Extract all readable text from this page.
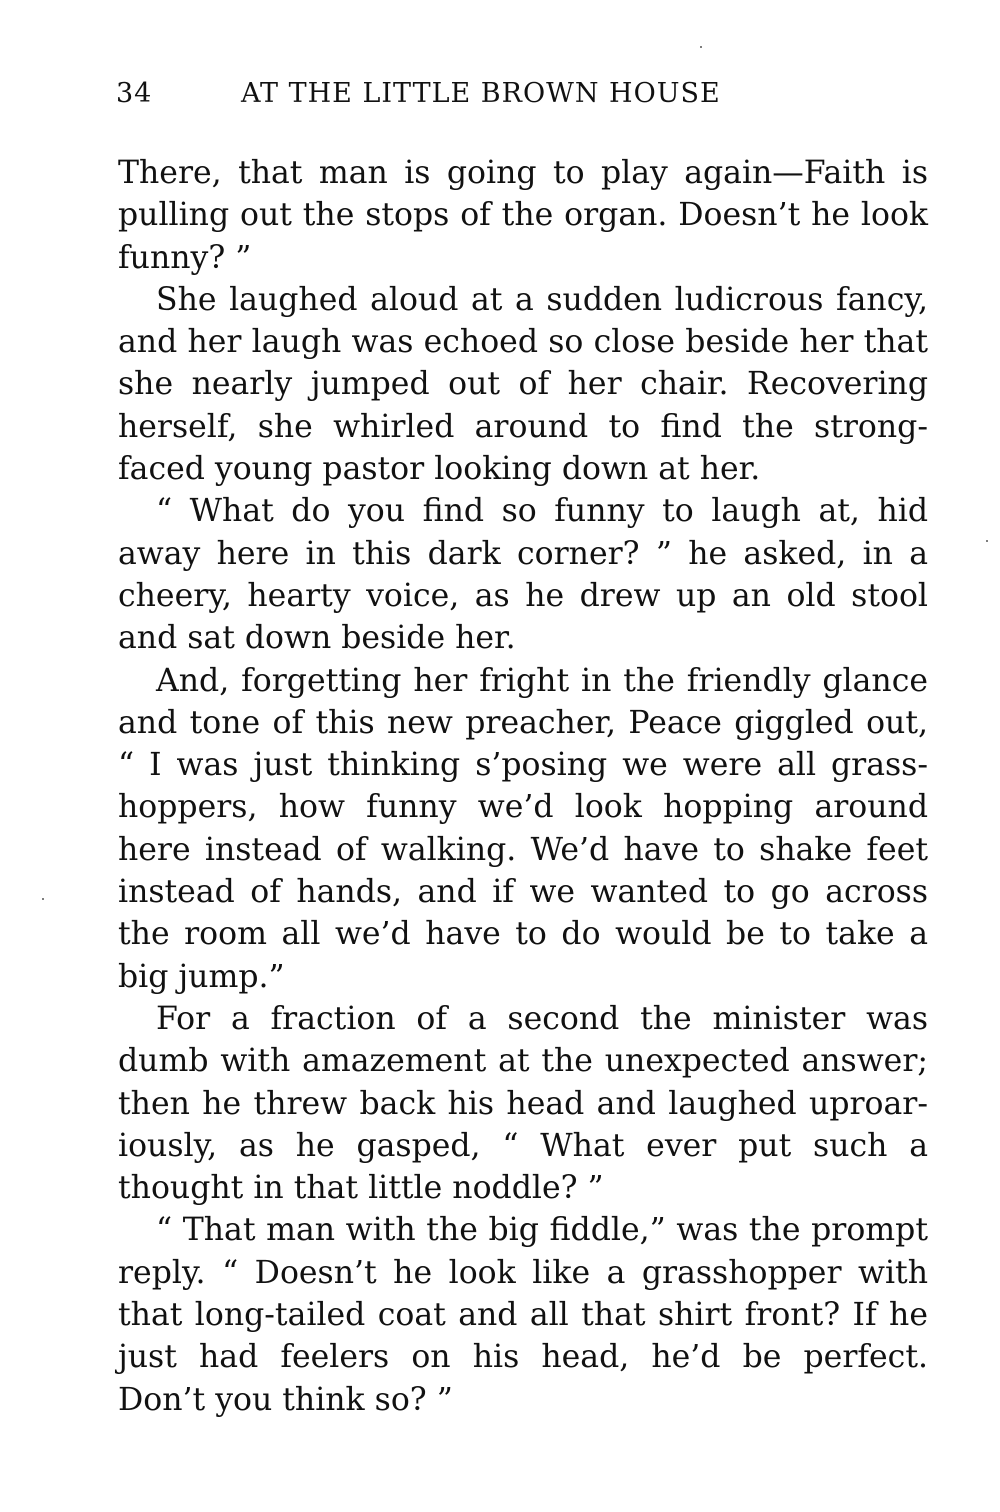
34	AT THE LITTLE BROWN HOUSE

There, that man is going to play again—Faith is pulling out the stops of the organ. Doesn’t he look funny? ”

She laughed aloud at a sudden ludicrous fancy, and her laugh was echoed so close beside her that she nearly jumped out of her chair. Recovering herself, she whirled around to find the strong-faced young pastor looking down at her.

“ What do you find so funny to laugh at, hid away here in this dark corner? ” he asked, in a cheery, hearty voice, as he drew up an old stool and sat down beside her.

And, forgetting her fright in the friendly glance and tone of this new preacher, Peace giggled out, “ I was just thinking s’posing we were all grass-hoppers, how funny we’d look hopping around here instead of walking. We’d have to shake feet instead of hands, and if we wanted to go across the room all we’d have to do would be to take a big jump.”

For a fraction of a second the minister was dumb with amazement at the unexpected answer; then he threw back his head and laughed uproar-iously, as he gasped, “ What ever put such a thought in that little noddle? ”

“ That man with the big fiddle,” was the prompt reply. “ Doesn’t he look like a grasshopper with that long-tailed coat and all that shirt front? If he just had feelers on his head, he’d be perfect. Don’t you think so? ”
